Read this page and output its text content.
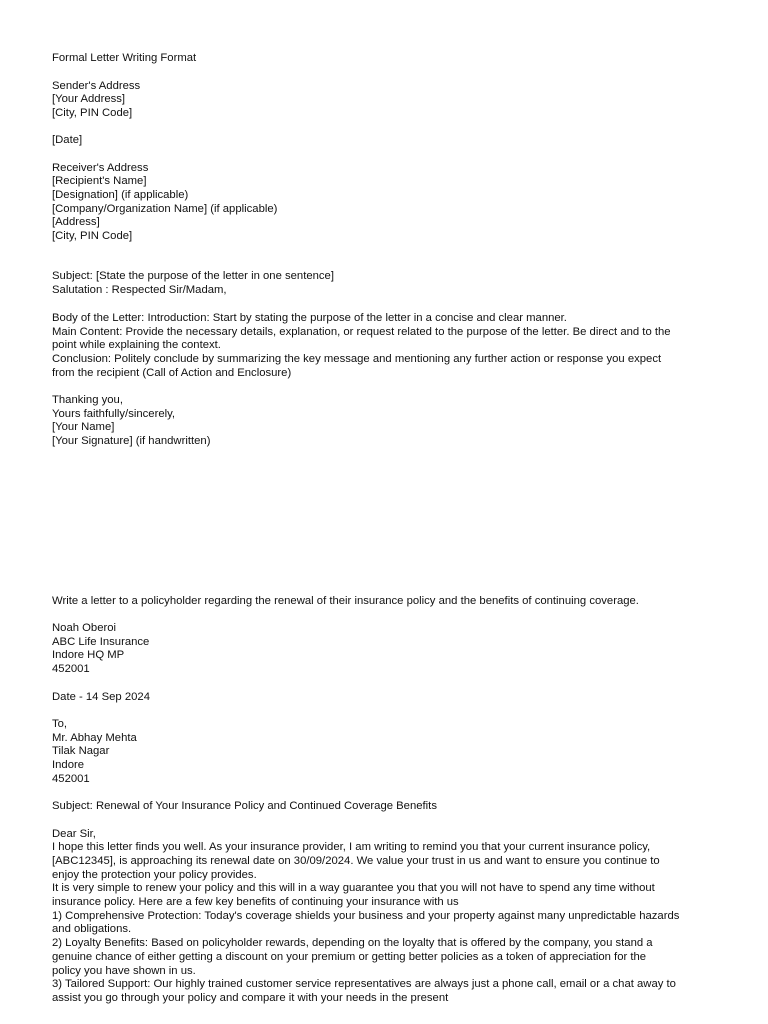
Formal Letter Writing Format
Sender's Address
[Your Address]
[City, PIN Code]
[Date]
Receiver's Address
[Recipient's Name]
[Designation] (if applicable)
[Company/Organization Name] (if applicable)
[Address]
[City, PIN Code]
Subject: [State the purpose of the letter in one sentence]
Salutation : Respected Sir/Madam,
Body of the Letter: Introduction: Start by stating the purpose of the letter in a concise and clear manner.
Main Content: Provide the necessary details, explanation, or request related to the purpose of the letter. Be direct and to the
point while explaining the context.
Conclusion: Politely conclude by summarizing the key message and mentioning any further action or response you expect
from the recipient (Call of Action and Enclosure)
Thanking you,
Yours faithfully/sincerely,
[Your Name]
[Your Signature] (if handwritten)
Write a letter to a policyholder regarding the renewal of their insurance policy and the benefits of continuing coverage.
Noah Oberoi
ABC Life Insurance
Indore HQ MP
452001
Date - 14 Sep 2024
To,
Mr. Abhay Mehta
Tilak Nagar
Indore
452001
Subject: Renewal of Your Insurance Policy and Continued Coverage Benefits
Dear Sir,
I hope this letter finds you well. As your insurance provider, I am writing to remind you that your current insurance policy,
[ABC12345], is approaching its renewal date on 30/09/2024. We value your trust in us and want to ensure you continue to
enjoy the protection your policy provides.
It is very simple to renew your policy and this will in a way guarantee you that you will not have to spend any time without
insurance policy. Here are a few key benefits of continuing your insurance with us
1) Comprehensive Protection: Today's coverage shields your business and your property against many unpredictable hazards
and obligations.
2) Loyalty Benefits: Based on policyholder rewards, depending on the loyalty that is offered by the company, you stand a
genuine chance of either getting a discount on your premium or getting better policies as a token of appreciation for the
policy you have shown in us.
3) Tailored Support: Our highly trained customer service representatives are always just a phone call, email or a chat away to
assist you go through your policy and compare it with your needs in the present
